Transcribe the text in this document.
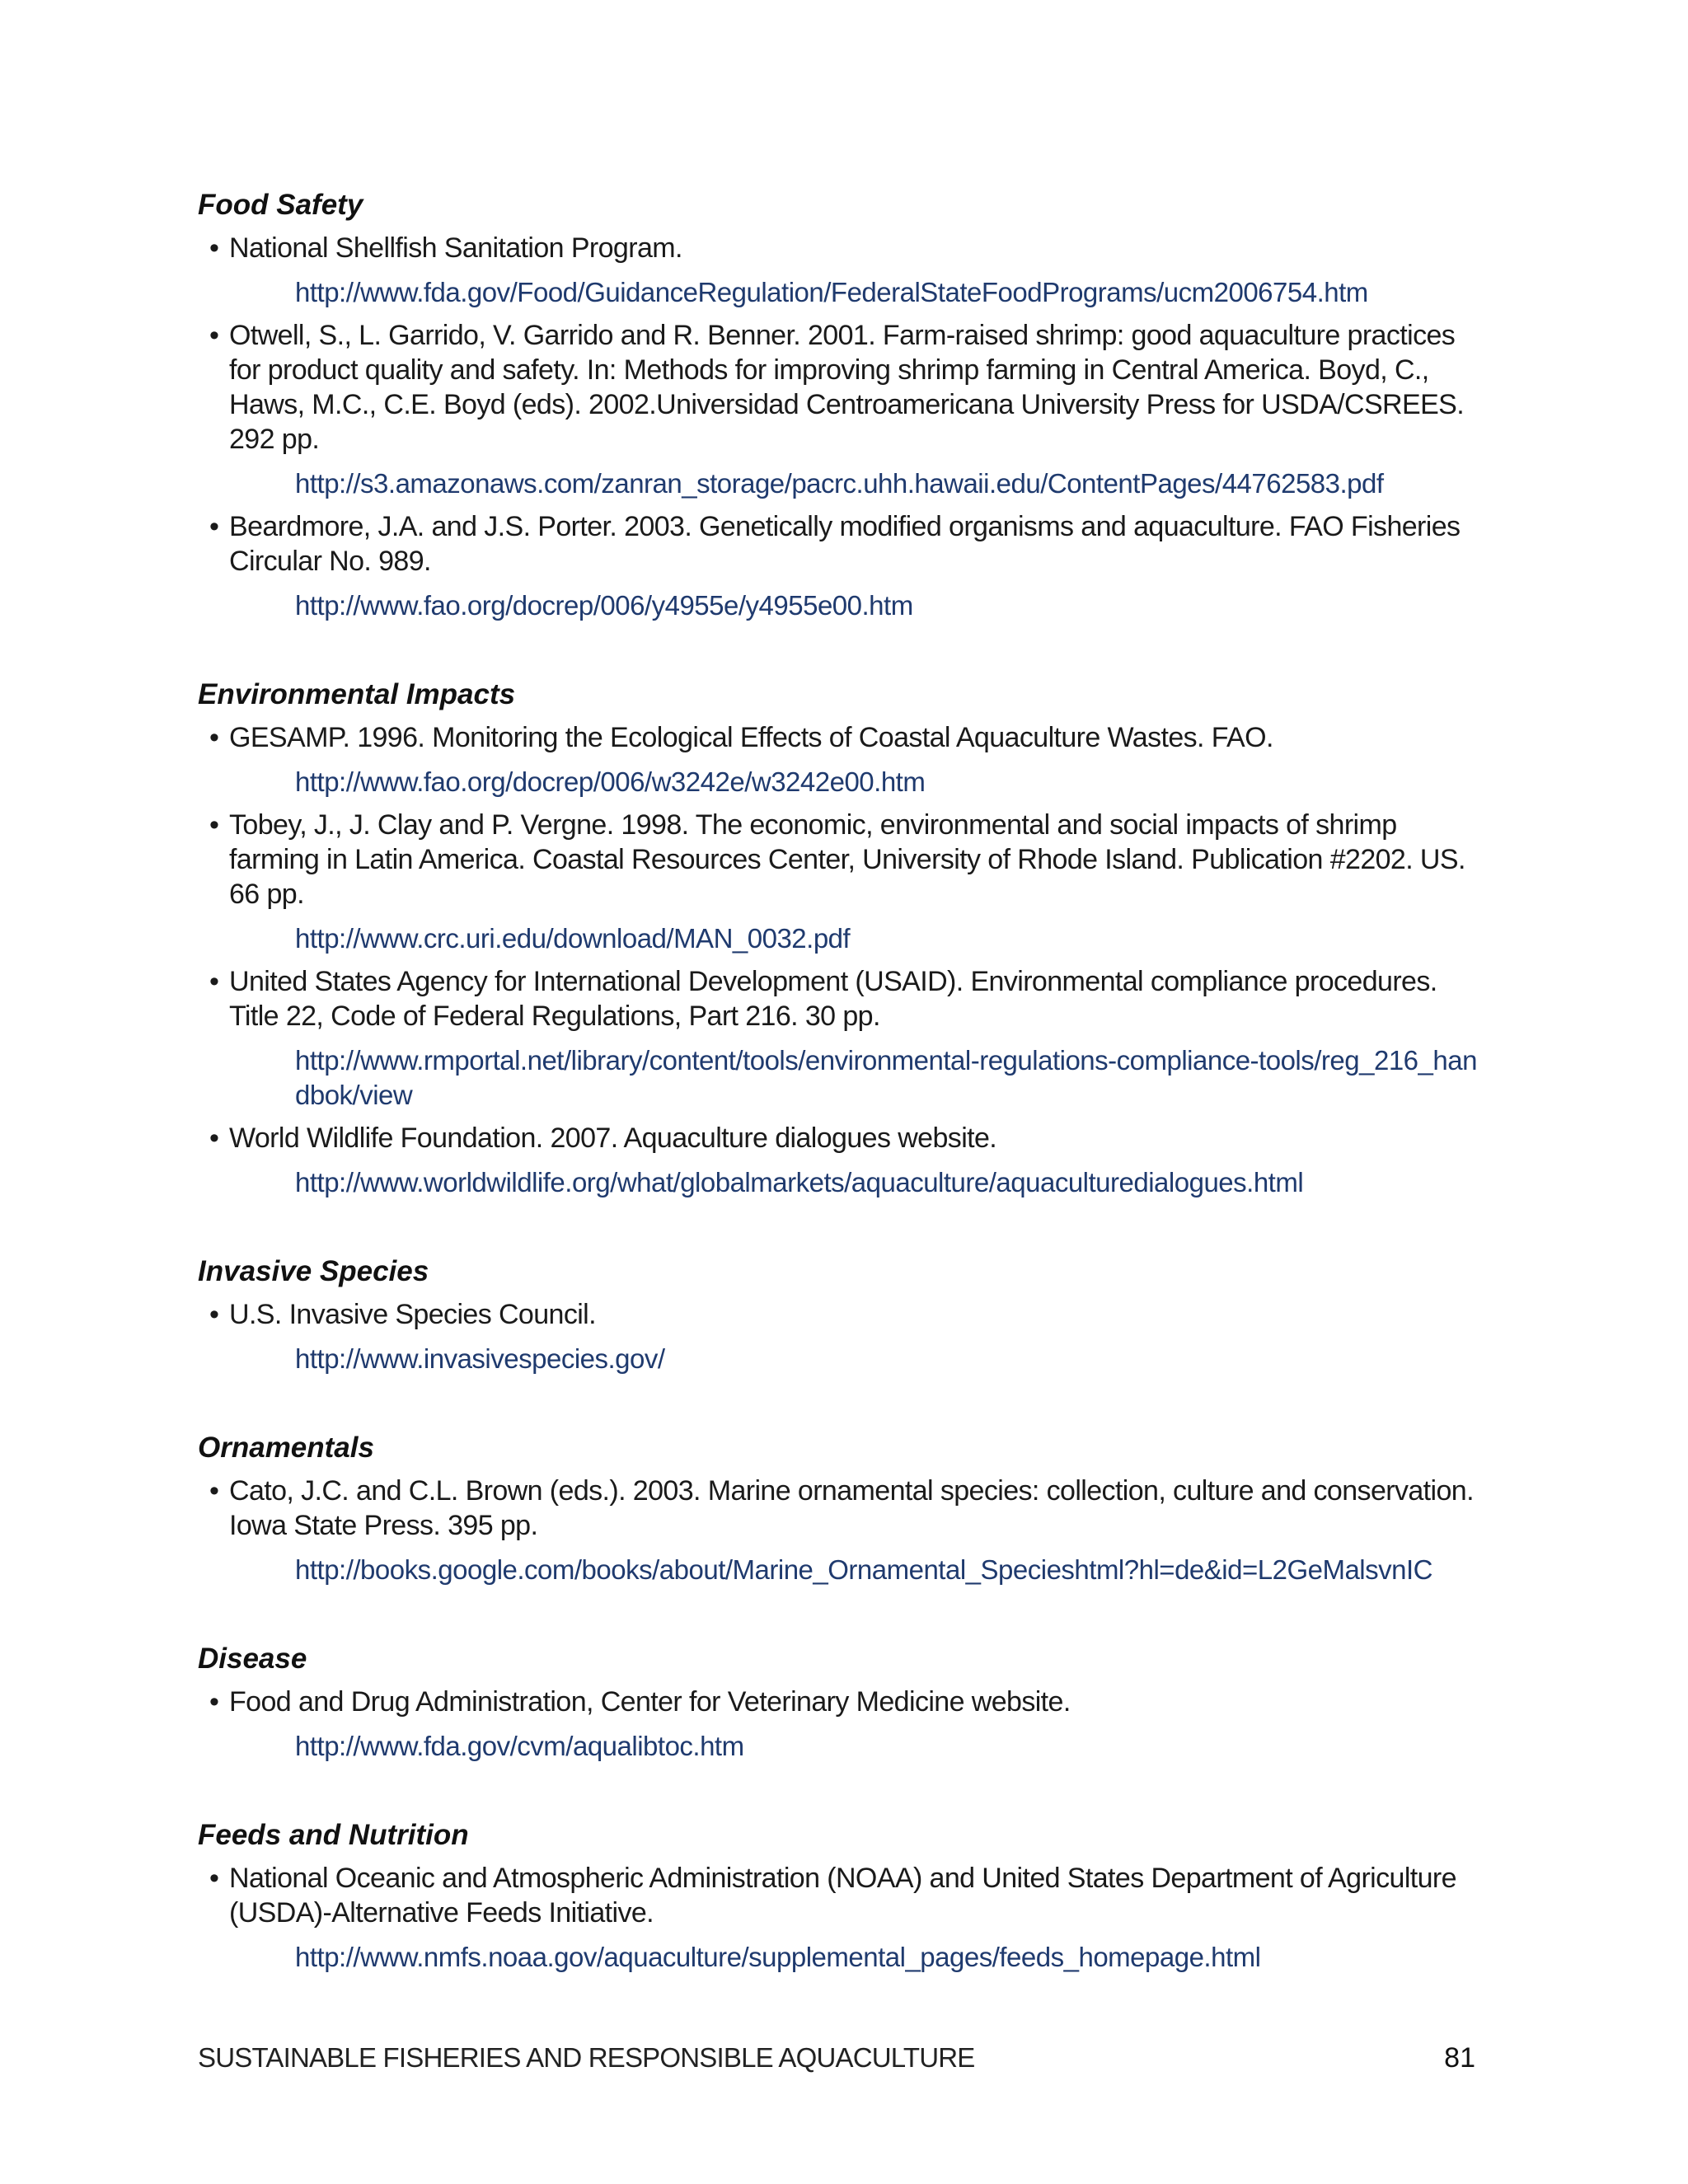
Food Safety
• National Shellfish Sanitation Program.
http://www.fda.gov/Food/GuidanceRegulation/FederalStateFoodPrograms/ucm2006754.htm
• Otwell, S., L. Garrido, V. Garrido and R. Benner. 2001. Farm-raised shrimp: good aquaculture practices for product quality and safety. In: Methods for improving shrimp farming in Central America. Boyd, C., Haws, M.C., C.E. Boyd (eds). 2002.Universidad Centroamericana University Press for USDA/CSREES. 292 pp.
http://s3.amazonaws.com/zanran_storage/pacrc.uhh.hawaii.edu/ContentPages/44762583.pdf
• Beardmore, J.A. and J.S. Porter. 2003. Genetically modified organisms and aquaculture. FAO Fisheries Circular No. 989.
http://www.fao.org/docrep/006/y4955e/y4955e00.htm
Environmental Impacts
• GESAMP. 1996. Monitoring the Ecological Effects of Coastal Aquaculture Wastes. FAO.
http://www.fao.org/docrep/006/w3242e/w3242e00.htm
• Tobey, J., J. Clay and P. Vergne. 1998. The economic, environmental and social impacts of shrimp farming in Latin America. Coastal Resources Center, University of Rhode Island. Publication #2202. US. 66 pp.
http://www.crc.uri.edu/download/MAN_0032.pdf
• United States Agency for International Development (USAID). Environmental compliance procedures. Title 22, Code of Federal Regulations, Part 216. 30 pp.
http://www.rmportal.net/library/content/tools/environmental-regulations-compliance-tools/reg_216_handbok/view
• World Wildlife Foundation. 2007. Aquaculture dialogues website.
http://www.worldwildlife.org/what/globalmarkets/aquaculture/aquaculturedialogues.html
Invasive Species
• U.S. Invasive Species Council.
http://www.invasivespecies.gov/
Ornamentals
• Cato, J.C. and C.L. Brown (eds.). 2003. Marine ornamental species: collection, culture and conservation. Iowa State Press. 395 pp.
http://books.google.com/books/about/Marine_Ornamental_Specieshtml?hl=de&id=L2GeMalsvnIC
Disease
• Food and Drug Administration, Center for Veterinary Medicine website.
http://www.fda.gov/cvm/aqualibtoc.htm
Feeds and Nutrition
• National Oceanic and Atmospheric Administration (NOAA) and United States Department of Agriculture (USDA)-Alternative Feeds Initiative.
http://www.nmfs.noaa.gov/aquaculture/supplemental_pages/feeds_homepage.html
SUSTAINABLE FISHERIES AND RESPONSIBLE AQUACULTURE	81
